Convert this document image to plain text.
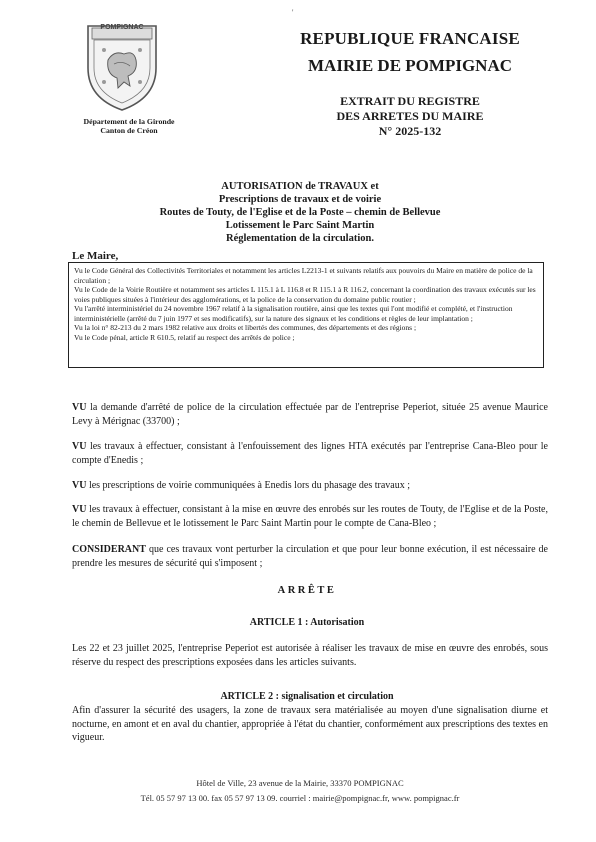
'
POMPIGNAC
Département de la Gironde
Canton de Créon
REPUBLIQUE FRANCAISE
MAIRIE DE POMPIGNAC
EXTRAIT DU REGISTRE
DES ARRETES DU MAIRE
N° 2025-132
AUTORISATION de TRAVAUX et
Prescriptions de travaux et de voirie
Routes de Touty, de l'Eglise et de la Poste – chemin de Bellevue
Lotissement le Parc Saint Martin
Réglementation de la circulation.
Le Maire,

Vu le Code Général des Collectivités Territoriales et notamment les articles L2213-1 et suivants relatifs aux pouvoirs du Maire en matière de police de la circulation ;

Vu le Code de la Voirie Routière et notamment ses articles L 115.1 à L 116.8 et R 115.1 à R 116.2, concernant la coordination des travaux exécutés sur les voies publiques situées à l'intérieur des agglomérations, et la police de la conservation du domaine public routier ;

Vu l'arrêté interministériel du 24 novembre 1967 relatif à la signalisation routière, ainsi que les textes qui l'ont modifié et complété, et l'instruction interministérielle (arrêté du 7 juin 1977 et ses modificatifs), sur la nature des signaux et les conditions et règles de leur implantation ;

Vu la loi n° 82-213 du 2 mars 1982 relative aux droits et libertés des communes, des départements et des régions ;

Vu le Code pénal, article R 610.5, relatif au respect des arrêtés de police ;

VU la demande d'arrêté de police de la circulation effectuée par de l'entreprise Peperiot, située 25 avenue Maurice Levy à Mérignac (33700) ;
VU les travaux à effectuer, consistant à l'enfouissement des lignes HTA exécutés par l'entreprise Cana-Bleo pour le compte d'Enedis ;
VU les prescriptions de voirie communiquées à Enedis lors du phasage des travaux ;
VU les travaux à effectuer, consistant à la mise en œuvre des enrobés sur les routes de Touty, de l'Eglise et de la Poste, le chemin de Bellevue et le lotissement le Parc Saint Martin pour le compte de Cana-Bleo ;
CONSIDERANT que ces travaux vont perturber la circulation et que pour leur bonne exécution, il est nécessaire de prendre les mesures de sécurité qui s'imposent ;
ARRÊTE
ARTICLE 1 : Autorisation
Les 22 et 23 juillet 2025, l'entreprise Peperiot est autorisée à réaliser les travaux de mise en œuvre des enrobés, sous réserve du respect des prescriptions exposées dans les articles suivants.
ARTICLE 2 : signalisation et circulation
Afin d'assurer la sécurité des usagers, la zone de travaux sera matérialisée au moyen d'une signalisation diurne et nocturne, en amont et en aval du chantier, appropriée à l'état du chantier, conformément aux prescriptions des textes en vigueur.
Hôtel de Ville, 23 avenue de la Mairie, 33370 POMPIGNAC
Tél. 05 57 97 13 00. fax 05 57 97 13 09. courriel : mairie@pompignac.fr, www. pompignac.fr
